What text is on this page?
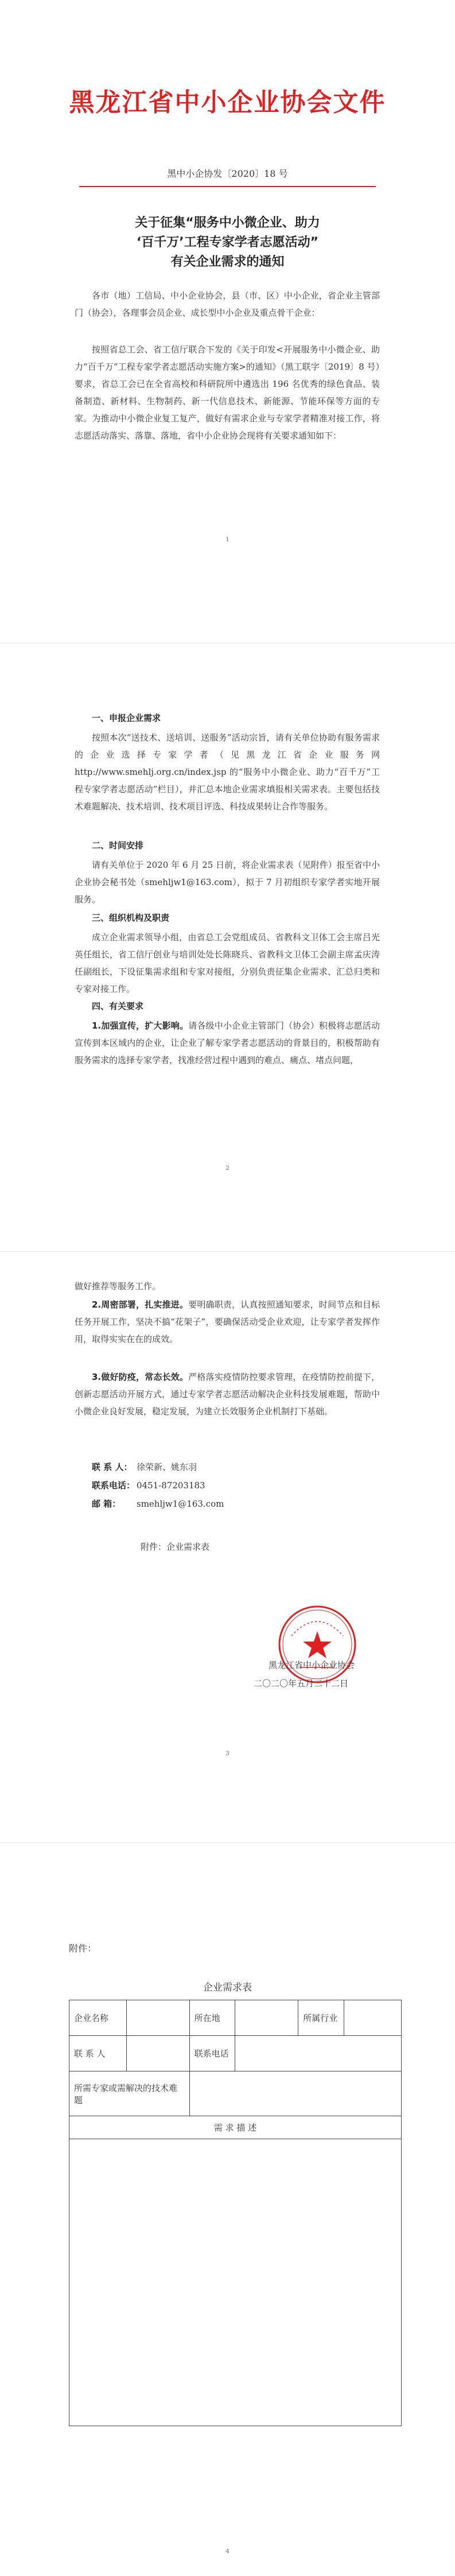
黑龙江省中小企业协会文件
黑中小企协发〔2020〕18 号
关于征集“服务中小微企业、助力
‘百千万’工程专家学者志愿活动”
有关企业需求的通知
各市（地）工信局、中小企业协会，县（市、区）中小企业，省企业主管部门（协会），各理事会员企业、成长型中小企业及重点骨干企业：
按照省总工会、省工信厅联合下发的《关于印发<开展服务中小微企业、助力“百千万”工程专家学者志愿活动实施方案>的通知》（黑工联字〔2019〕8 号）要求，省总工会已在全省高校和科研院所中遴选出 196 名优秀的绿色食品、装备制造、新材料、生物制药、新一代信息技术、新能源、节能环保等方面的专家。为推动中小微企业复工复产，做好有需求企业与专家学者精准对接工作，将志愿活动落实、落靠、落地，省中小企业协会现将有关要求通知如下：
1
一、申报企业需求
按照本次“送技术、送培训、送服务”活动宗旨，请有关单位协助有服务需求的企业选择专家学者（见黑龙江省企业服务网 http://www.smehlj.org.cn/index.jsp 的“服务中小微企业、助力“百千万”工程专家学者志愿活动”栏目），并汇总本地企业需求填报相关需求表。主要包括技术难题解决、技术培训、技术项目评选、科技成果转让合作等服务。
二、时间安排
请有关单位于 2020 年 6 月 25 日前，将企业需求表（见附件）报至省中小企业协会秘书处（smehljw1@163.com），拟于 7 月初组织专家学者实地开展服务。
三、组织机构及职责
成立企业需求领导小组，由省总工会党组成员、省教科文卫体工会主席吕光英任组长，省工信厅创业与培训处处长陈晓兵、省教科文卫体工会副主席孟庆涛任副组长，下设征集需求组和专家对接组，分别负责征集企业需求、汇总归类和专家对接工作。
四、有关要求
1.加强宣传，扩大影响。请各级中小企业主管部门（协会）积极将志愿活动宣传到本区域内的企业，让企业了解专家学者志愿活动的背景目的，积极帮助有服务需求的选择专家学者，找准经营过程中遇到的难点、痛点、堵点问题，
2
做好推荐等服务工作。
2.周密部署，扎实推进。要明确职责，认真按照通知要求，时间节点和目标任务开展工作，坚决不搞“花架子”，要确保活动受企业欢迎，让专家学者发挥作用，取得实实在在的成效。
3.做好防疫，常态长效。严格落实疫情防控要求管理，在疫情防控前提下，创新志愿活动开展方式，通过专家学者志愿活动解决企业科技发展难题，帮助中小微企业良好发展，稳定发展，为建立长效服务企业机制打下基础。
联 系 人： 徐荣新、姚东羽
联系电话： 0451-87203183
邮 箱： smehljw1@163.com
附件：企业需求表
黑龙江省中小企业协会
二〇二〇年五月二十二日
3
附件：
企业需求表
企业名称		所在地		所属行业	
联 系 人		联系电话			
所需专家或需解决的技术难题					
需 求 描 述					

4
